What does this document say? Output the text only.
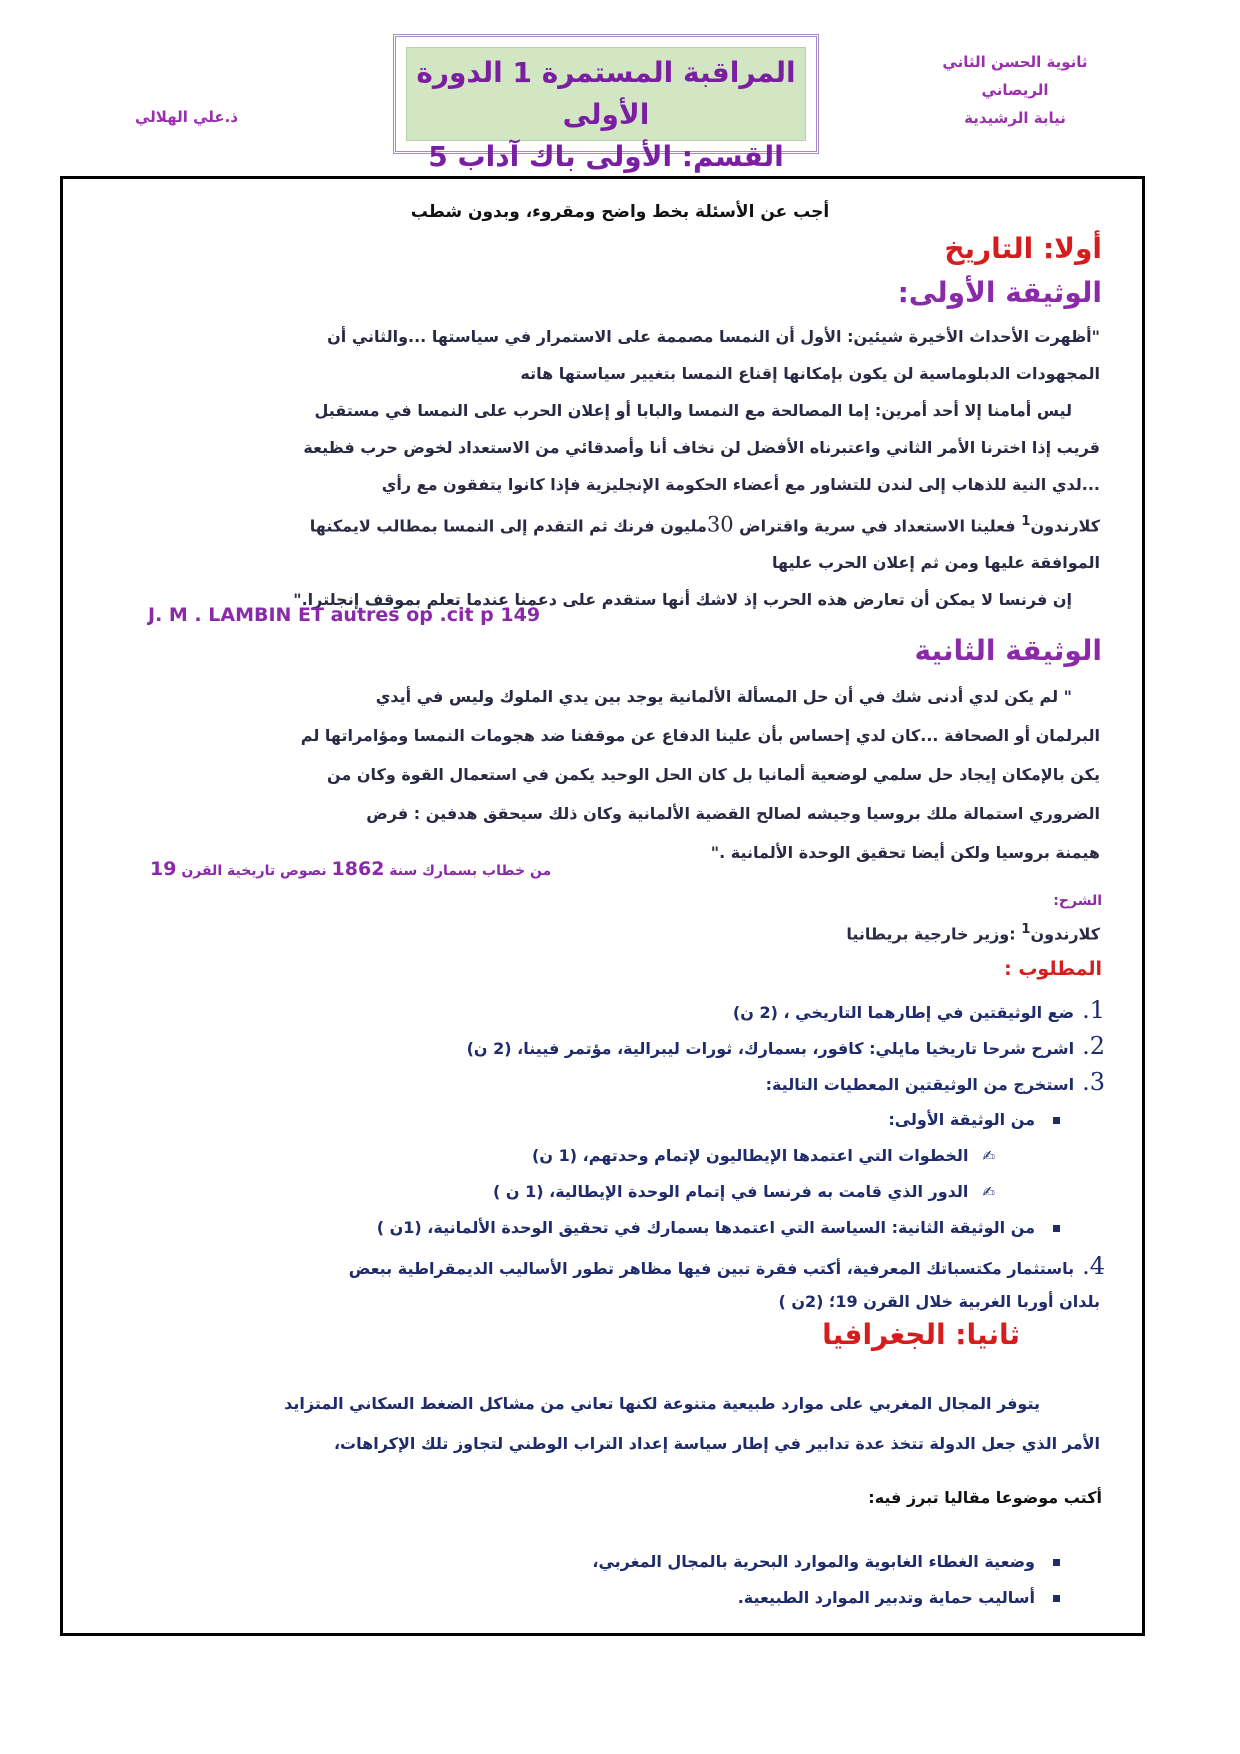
ثانوية الحسن الثاني
الريصاني
نيابة الرشيدية
ذ.علي الهلالي
المراقبة المستمرة 1 الدورة الأولى
القسم: الأولى باك آداب 5
أجب عن الأسئلة بخط واضح ومقروء، وبدون شطب
أولا: التاريخ
الوثيقة الأولى:
"أظهرت الأحداث الأخيرة شيئين: الأول أن النمسا مصممة على الاستمرار في سياستها ...والثاني أن
المجهودات الدبلوماسية لن يكون بإمكانها إقناع النمسا بتغيير سياستها هاته
ليس أمامنا إلا أحد أمرين: إما المصالحة مع النمسا والبابا أو إعلان الحرب على النمسا في مستقبل
قريب إذا اخترنا الأمر الثاني واعتبرناه الأفضل لن نخاف أنا وأصدقائي من الاستعداد لخوض حرب فظيعة
...لدي النية للذهاب إلى لندن للتشاور مع أعضاء الحكومة الإنجليزية فإذا كانوا يتفقون مع رأي
كلارندون$^1$ فعلينا الاستعداد في سرية واقتراض 30مليون فرنك ثم التقدم إلى النمسا بمطالب لايمكنها
الموافقة عليها ومن ثم إعلان الحرب عليها
إن فرنسا لا يمكن أن تعارض هذه الحرب إذ لاشك أنها ستقدم على دعمنا عندما تعلم بموقف إنجلترا."
J. M . LAMBIN ET autres op .cit p 149
الوثيقة الثانية
" لم يكن لدي أدنى شك في أن حل المسألة الألمانية يوجد بين يدي الملوك وليس في أيدي
البرلمان أو الصحافة ...كان لدي إحساس بأن علينا الدفاع عن موقفنا ضد هجومات النمسا ومؤامراتها لم
يكن بالإمكان إيجاد حل سلمي لوضعية ألمانيا بل كان الحل الوحيد يكمن في استعمال القوة وكان من
الضروري استمالة ملك بروسيا وجيشه لصالح القضية الألمانية وكان ذلك سيحقق هدفين : فرض
هيمنة بروسيا ولكن أيضا تحقيق الوحدة الألمانية ."
من خطاب بسمارك سنة 1862 نصوص تاريخية القرن 19
الشرح:
كلارندون$^1$ :وزير خارجية بريطانيا
المطلوب :
1.ضع الوثيقتين في إطارهما التاريخي ، (2 ن)
2.اشرح شرحا تاريخيا مايلي: كافور، بسمارك، ثورات ليبرالية، مؤتمر فيينا، (2 ن)
3.استخرج من الوثيقتين المعطيات التالية:
من الوثيقة الأولى:
✍الخطوات التي اعتمدها الإيطاليون لإتمام وحدتهم، (1 ن)
✍الدور الذي قامت به فرنسا في إتمام الوحدة الإيطالية، (1 ن )
من الوثيقة الثانية: السياسة التي اعتمدها بسمارك في تحقيق الوحدة الألمانية، (1ن )
4.باستثمار مكتسباتك المعرفية، أكتب فقرة تبين فيها مظاهر تطور الأساليب الديمقراطية ببعض
بلدان أوربا الغربية خلال القرن 19؛ (2ن )
ثانيا: الجغرافيا
يتوفر المجال المغربي على موارد طبيعية متنوعة لكنها تعاني من مشاكل الضغط السكاني المتزايد
الأمر الذي جعل الدولة تتخذ عدة تدابير في إطار سياسة إعداد التراب الوطني لتجاوز تلك الإكراهات،
أكتب موضوعا مقاليا تبرز فيه:
وضعية الغطاء الغابوية والموارد البحرية بالمجال المغربي،
أساليب حماية وتدبير الموارد الطبيعية.
